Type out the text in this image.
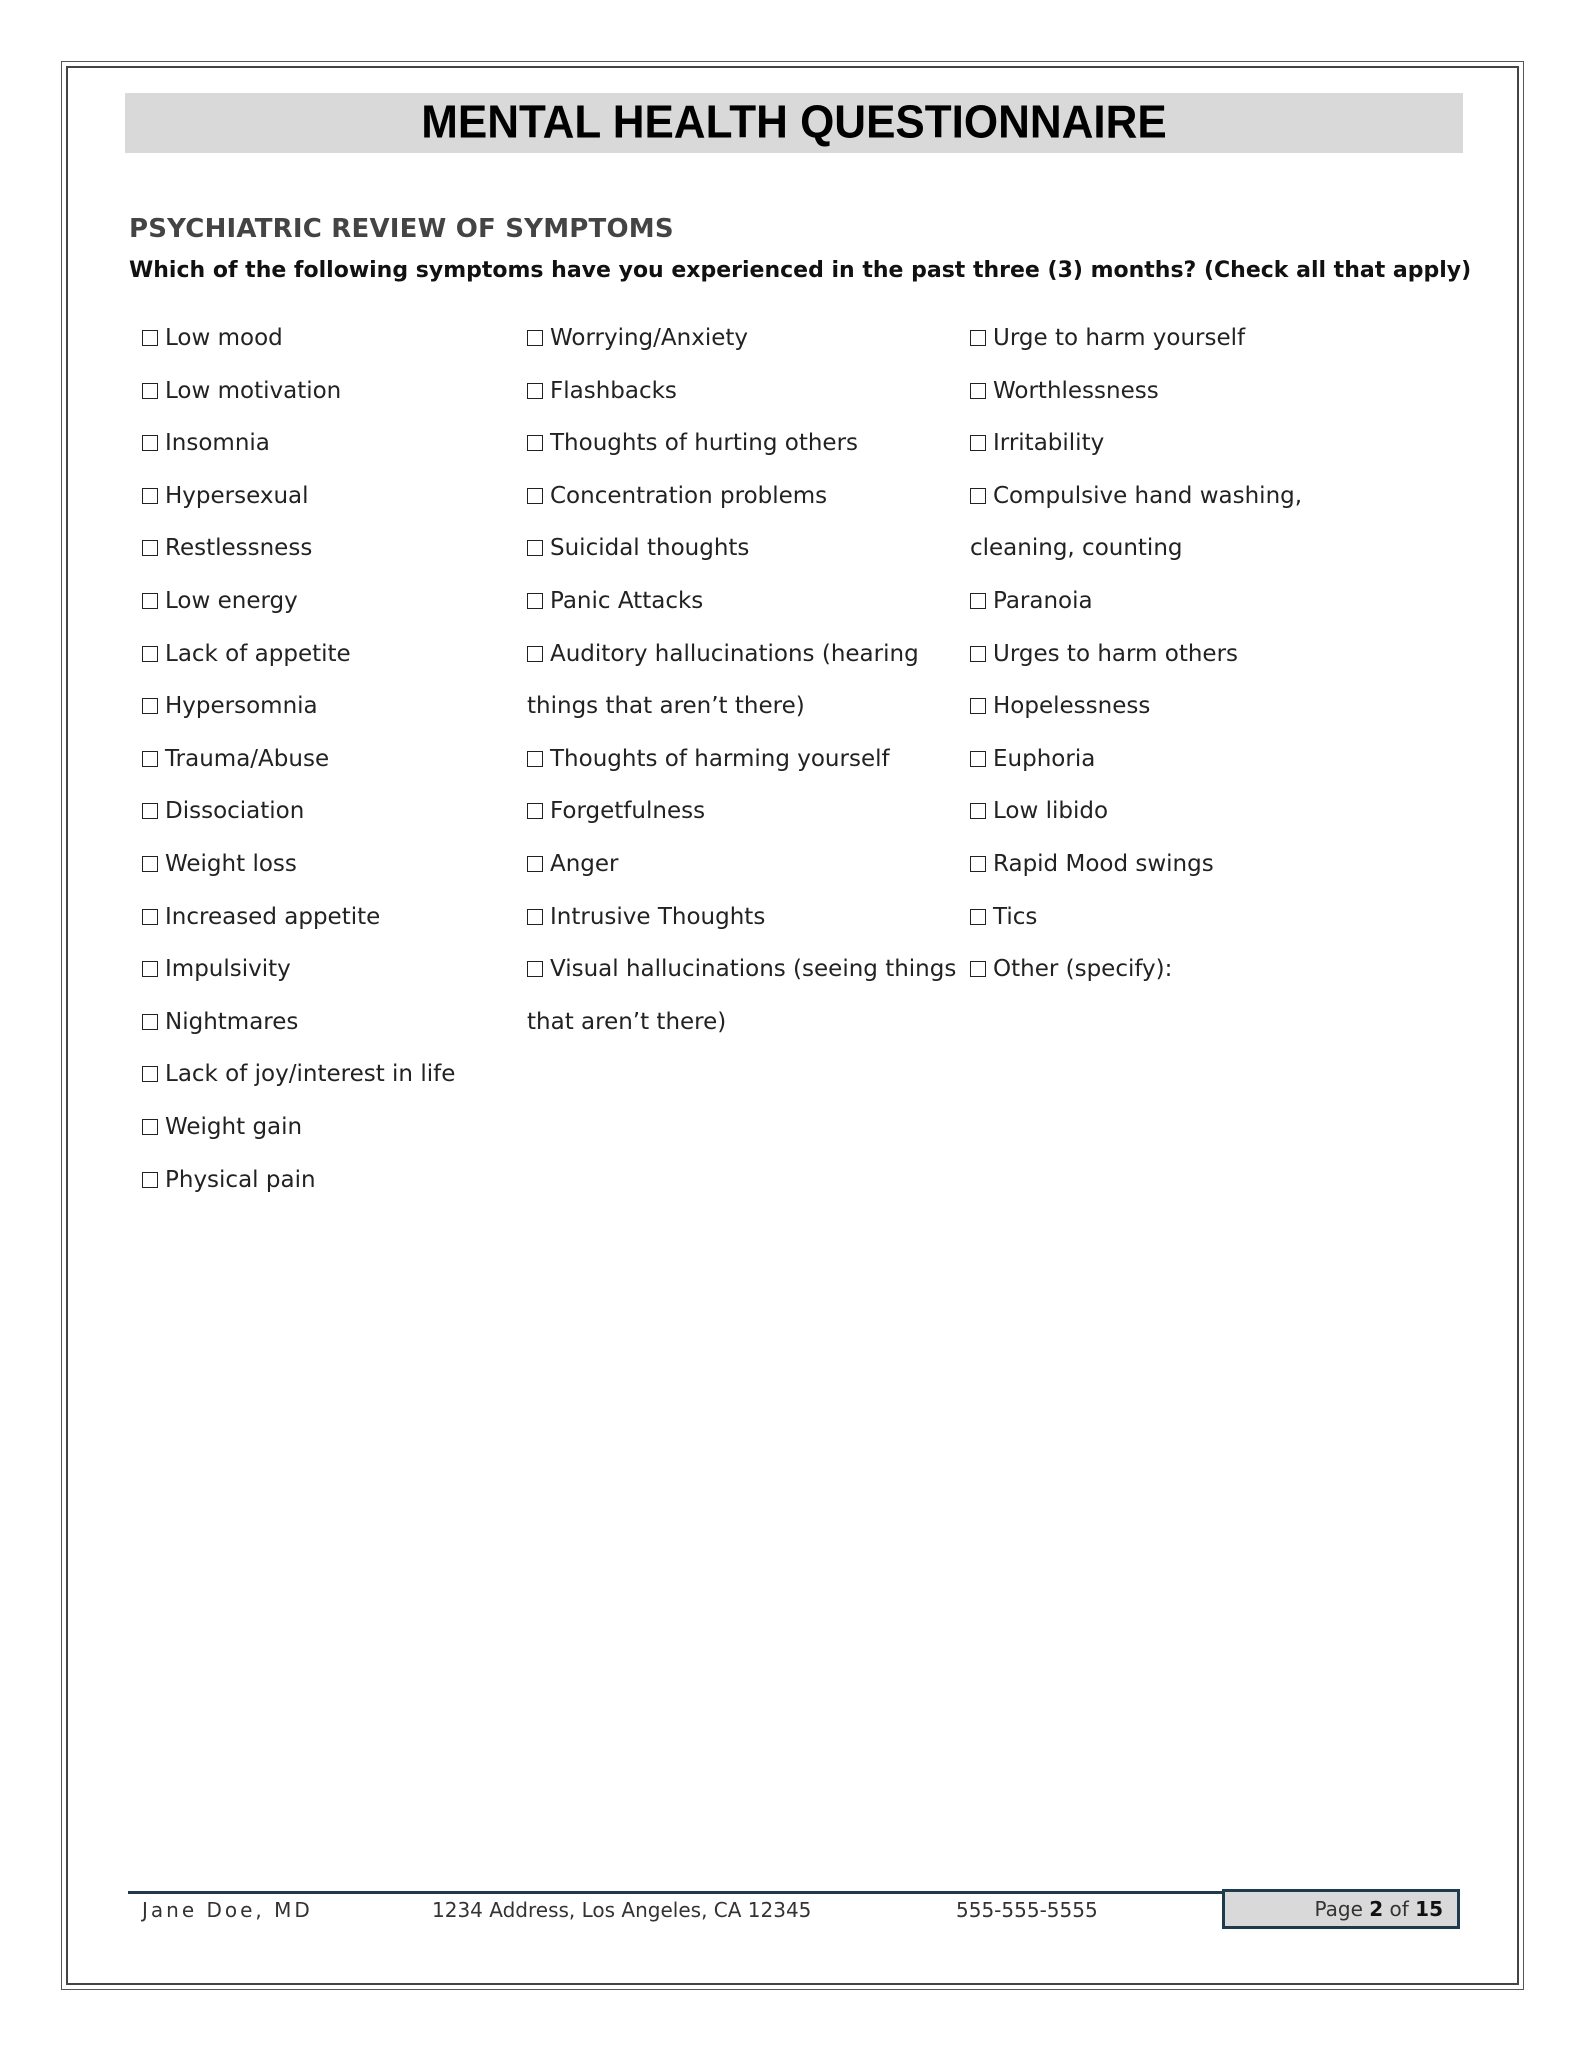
MENTAL HEALTH QUESTIONNAIRE
PSYCHIATRIC REVIEW OF SYMPTOMS
Which of the following symptoms have you experienced in the past three (3) months? (Check all that apply)
Low mood
Low motivation
Insomnia
Hypersexual
Restlessness
Low energy
Lack of appetite
Hypersomnia
Trauma/Abuse
Dissociation
Weight loss
Increased appetite
Impulsivity
Nightmares
Lack of joy/interest in life
Weight gain
Physical pain
Worrying/Anxiety
Flashbacks
Thoughts of hurting others
Concentration problems
Suicidal thoughts
Panic Attacks
Auditory hallucinations (hearing things that aren’t there)
Thoughts of harming yourself
Forgetfulness
Anger
Intrusive Thoughts
Visual hallucinations (seeing things that aren’t there)
Urge to harm yourself
Worthlessness
Irritability
Compulsive hand washing, cleaning, counting
Paranoia
Urges to harm others
Hopelessness
Euphoria
Low libido
Rapid Mood swings
Tics
Other (specify):
Jane Doe, MD	1234 Address, Los Angeles, CA 12345	555-555-5555	Page
2
of
15
